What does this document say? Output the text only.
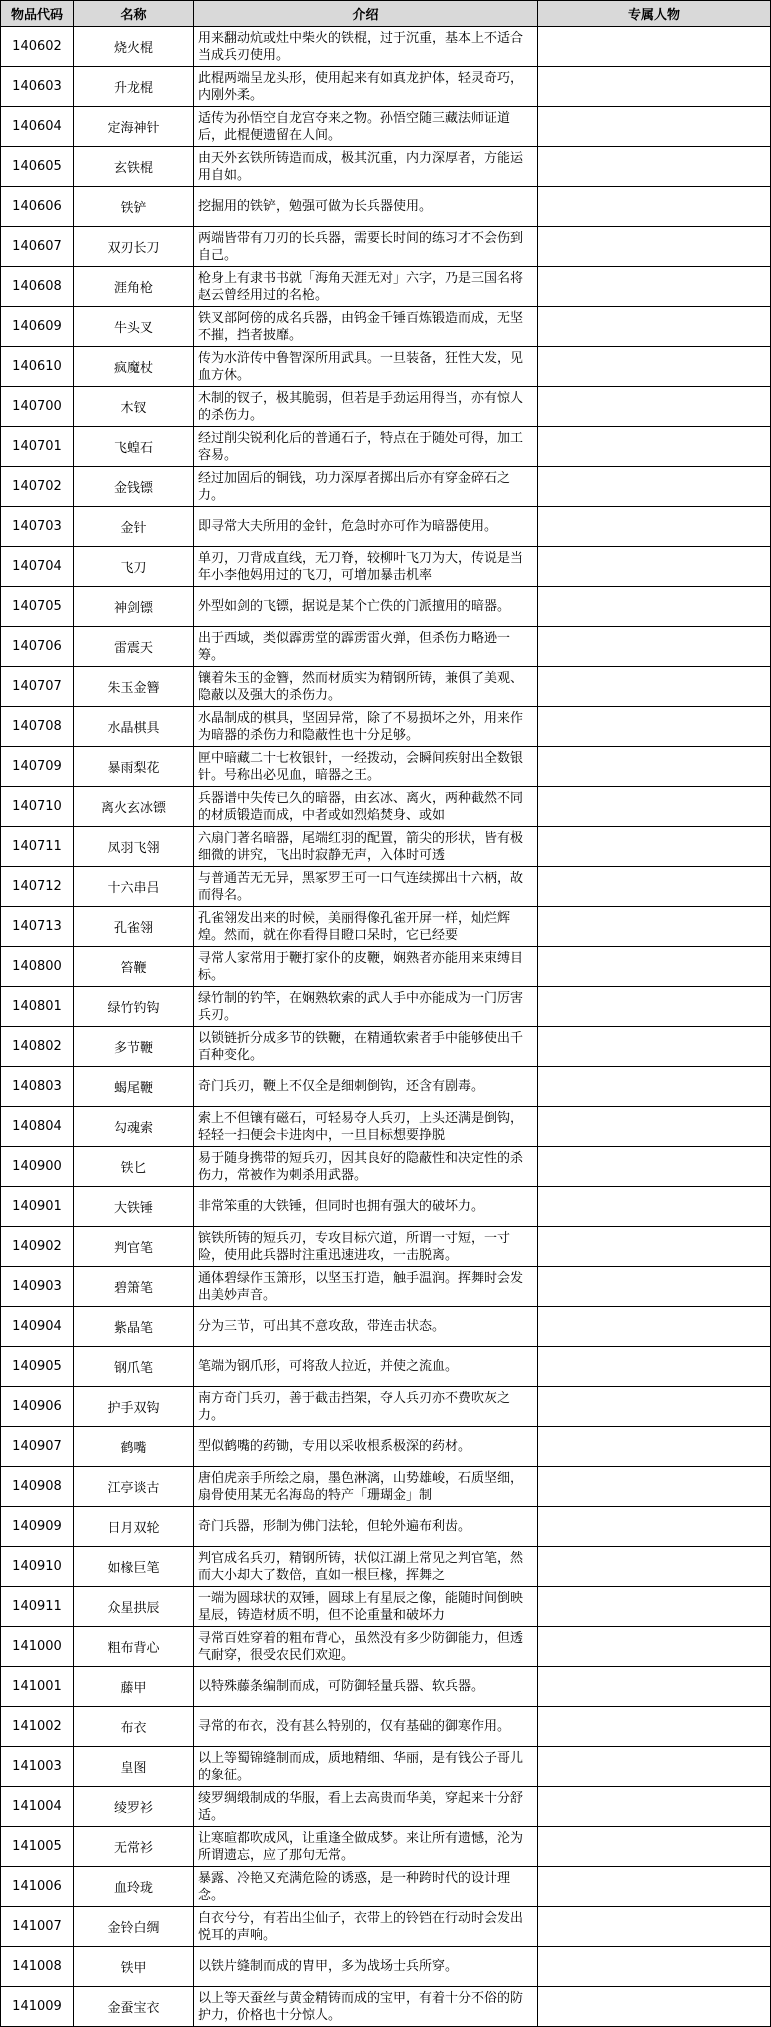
物品代码	名称	介绍	专属人物
140602	烧火棍	用来翻动炕或灶中柴火的铁棍，过于沉重，基本上不适合当成兵刃使用。	

140603	升龙棍	此棍两端呈龙头形，使用起来有如真龙护体，轻灵奇巧，内刚外柔。	

140604	定海神针	适传为孙悟空自龙宫夺来之物。孙悟空随三藏法师证道后，此棍便遗留在人间。	

140605	玄铁棍	由天外玄铁所铸造而成，极其沉重，内力深厚者，方能运用自如。	

140606	铁铲	挖掘用的铁铲，勉强可做为长兵器使用。	

140607	双刃长刀	两端皆带有刀刃的长兵器，需要长时间的练习才不会伤到自己。	

140608	涯角枪	枪身上有隶书书就「海角天涯无对」六字，乃是三国名将赵云曾经用过的名枪。	

140609	牛头叉	铁叉部阿傍的成名兵器，由钨金千锤百炼锻造而成，无坚不摧，挡者披靡。	

140610	疯魔杖	传为水浒传中鲁智深所用武具。一旦装备，狂性大发，见血方休。	

140700	木钗	木制的钗子，极其脆弱，但若是手劲运用得当，亦有惊人的杀伤力。	

140701	飞蝗石	经过削尖锐利化后的普通石子，特点在于随处可得，加工容易。	

140702	金钱镖	经过加固后的铜钱，功力深厚者掷出后亦有穿金碎石之力。	

140703	金针	即寻常大夫所用的金针，危急时亦可作为暗器使用。	

140704	飞刀	单刃，刀背成直线，无刀脊，较柳叶飞刀为大，传说是当年小李他妈用过的飞刀，可增加暴击机率	

140705	神剑镖	外型如剑的飞镖，据说是某个亡佚的门派擅用的暗器。	

140706	雷震天	出于西域，类似霹雳堂的霹雳雷火弹，但杀伤力略逊一筹。	

140707	朱玉金簪	镶着朱玉的金簪，然而材质实为精钢所铸，兼俱了美观、隐蔽以及强大的杀伤力。	

140708	水晶棋具	水晶制成的棋具，坚固异常，除了不易损坏之外，用来作为暗器的杀伤力和隐蔽性也十分足够。	

140709	暴雨梨花	匣中暗藏二十七枚银针，一经拨动，会瞬间疾射出全数银针。号称出必见血，暗器之王。	

140710	离火玄冰镖	兵器谱中失传已久的暗器，由玄冰、离火，两种截然不同的材质锻造而成，中者或如烈焰焚身、或如	

140711	凤羽飞翎	六扇门著名暗器，尾端红羽的配置，箭尖的形状，皆有极细微的讲究，飞出时寂静无声，入体时可透	

140712	十六串吕	与普通苦无无异，黑冢罗王可一口气连续掷出十六柄，故而得名。	

140713	孔雀翎	孔雀翎发出来的时候，美丽得像孔雀开屏一样，灿烂辉煌。然而，就在你看得目瞪口呆时，它已经要	

140800	笞鞭	寻常人家常用于鞭打家仆的皮鞭，娴熟者亦能用来束缚目标。	

140801	绿竹钓钩	绿竹制的钓竿，在娴熟软索的武人手中亦能成为一门厉害兵刃。	

140802	多节鞭	以锁链折分成多节的铁鞭，在精通软索者手中能够使出千百种变化。	

140803	蝎尾鞭	奇门兵刃，鞭上不仅全是细刺倒钩，还含有剧毒。	

140804	勾魂索	索上不但镶有磁石，可轻易夺人兵刃，上头还满是倒钩，轻轻一扫便会卡进肉中，一旦目标想要挣脱	

140900	铁匕	易于随身携带的短兵刃，因其良好的隐蔽性和决定性的杀伤力，常被作为刺杀用武器。	

140901	大铁锤	非常笨重的大铁锤，但同时也拥有强大的破坏力。	

140902	判官笔	镔铁所铸的短兵刃，专攻目标穴道，所谓一寸短，一寸险，使用此兵器时注重迅速进攻，一击脱离。	

140903	碧箫笔	通体碧绿作玉箫形，以坚玉打造，触手温润。挥舞时会发出美妙声音。	

140904	紫晶笔	分为三节，可出其不意攻敌，带连击状态。	

140905	钢爪笔	笔端为钢爪形，可将敌人拉近，并使之流血。	

140906	护手双钩	南方奇门兵刃，善于截击挡架，夺人兵刃亦不费吹灰之力。	

140907	鹤嘴	型似鹤嘴的药锄，专用以采收根系极深的药材。	

140908	江亭谈古	唐伯虎亲手所绘之扇，墨色淋漓，山势雄峻，石质坚细，扇骨使用某无名海岛的特产「珊瑚金」制	

140909	日月双轮	奇门兵器，形制为佛门法轮，但轮外遍布利齿。	

140910	如椽巨笔	判官成名兵刃，精钢所铸，状似江湖上常见之判官笔，然而大小却大了数倍，直如一根巨椽，挥舞之	

140911	众星拱辰	一端为圆球状的双锤，圆球上有星辰之像，能随时间倒映星辰，铸造材质不明，但不论重量和破坏力	

141000	粗布背心	寻常百姓穿着的粗布背心，虽然没有多少防御能力，但透气耐穿，很受农民们欢迎。	

141001	藤甲	以特殊藤条编制而成，可防御轻量兵器、软兵器。	

141002	布衣	寻常的布衣，没有甚么特别的，仅有基础的御寒作用。	

141003	皇图	以上等蜀锦缝制而成，质地精细、华丽，是有钱公子哥儿的象征。	

141004	绫罗衫	绫罗绸缎制成的华服，看上去高贵而华美，穿起来十分舒适。	

141005	无常衫	让寒暄都吹成风，让重逢全做成梦。来让所有遗憾，沦为所谓遗忘，应了那句无常。	

141006	血玲珑	暴露、冷艳又充满危险的诱惑，是一种跨时代的设计理念。	

141007	金铃白绸	白衣兮兮，有若出尘仙子，衣带上的铃铛在行动时会发出悦耳的声响。	

141008	铁甲	以铁片缝制而成的胄甲，多为战场士兵所穿。	

141009	金蚕宝衣	以上等天蚕丝与黄金精铸而成的宝甲，有着十分不俗的防护力，价格也十分惊人。	
